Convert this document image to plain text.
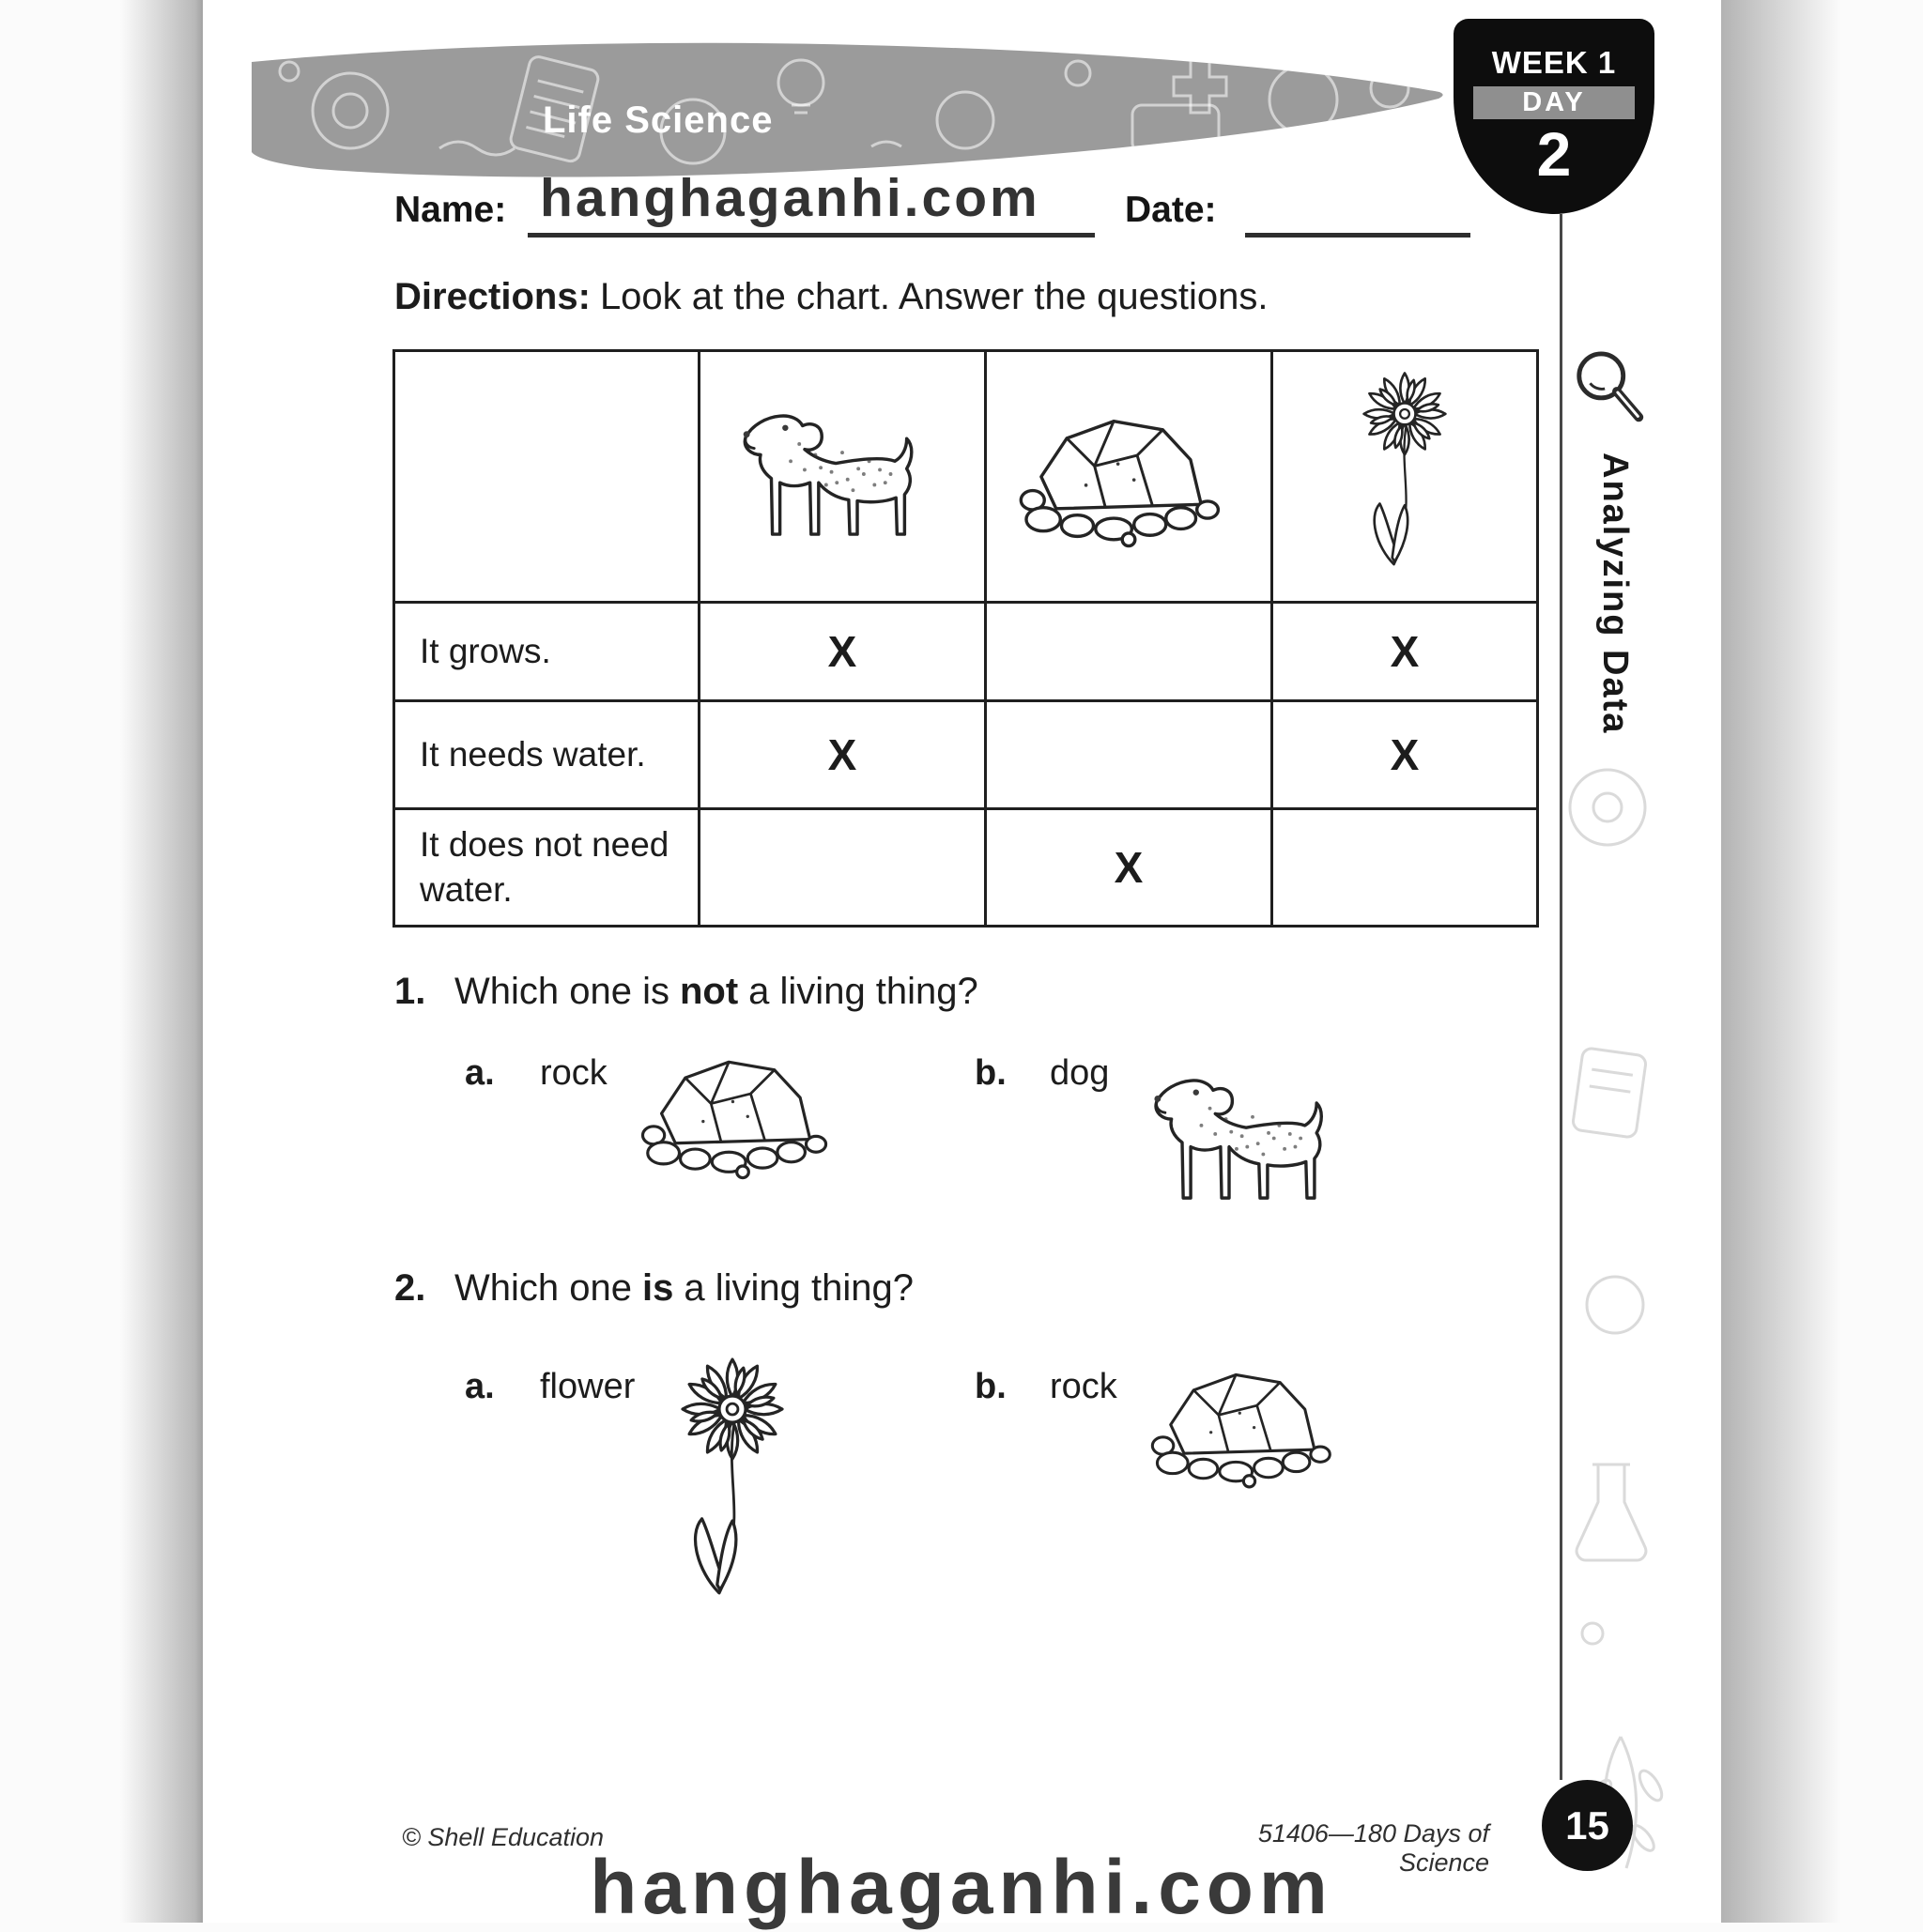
Life Science
WEEK 1
DAY
2
hanghaganhi.com
Name:	Date:
Directions: Look at the chart. Answer the questions.

It grows.	X		X
It needs water.	X		X
It does not need water.		X	
1. Which one is not a living thing?
a.	rock	b.	dog
2. Which one is a living thing?
a.	flower	b.	rock
Analyzing Data
© Shell Education	51406—180 Days of Science
15
hanghaganhi.com
